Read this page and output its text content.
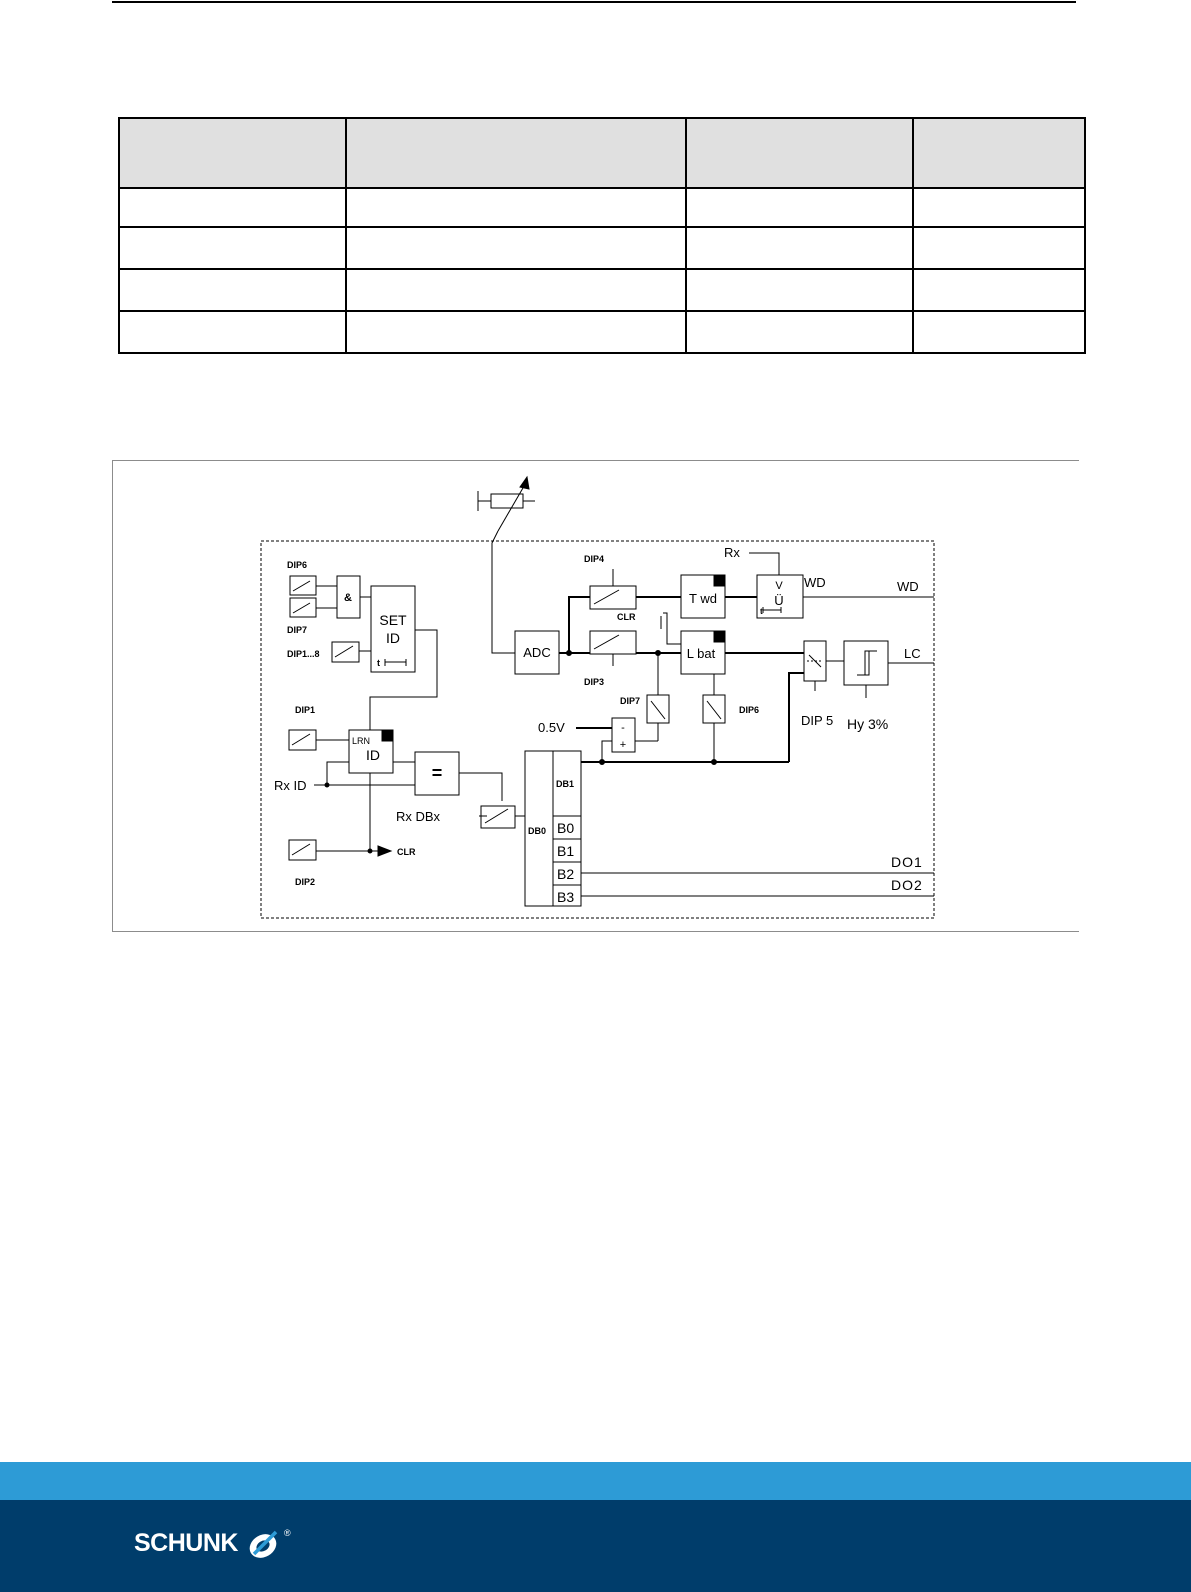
DIP6
DIP7
&
SET
ID
t
DIP1...8
DIP1
LRN
ID
Rx ID
=
Rx DBx
DIP2
CLR
ADC
DIP4
DIP3
CLR
T wd
L bat
Rx
V
Ü
t
WD	WD
DIP 5 Hy 3%
LC
0.5V	-
+
DIP7
DIP6
DB1
DB0 B0
B1
B2
B3
DO1
DO2
SCHUNK	®
